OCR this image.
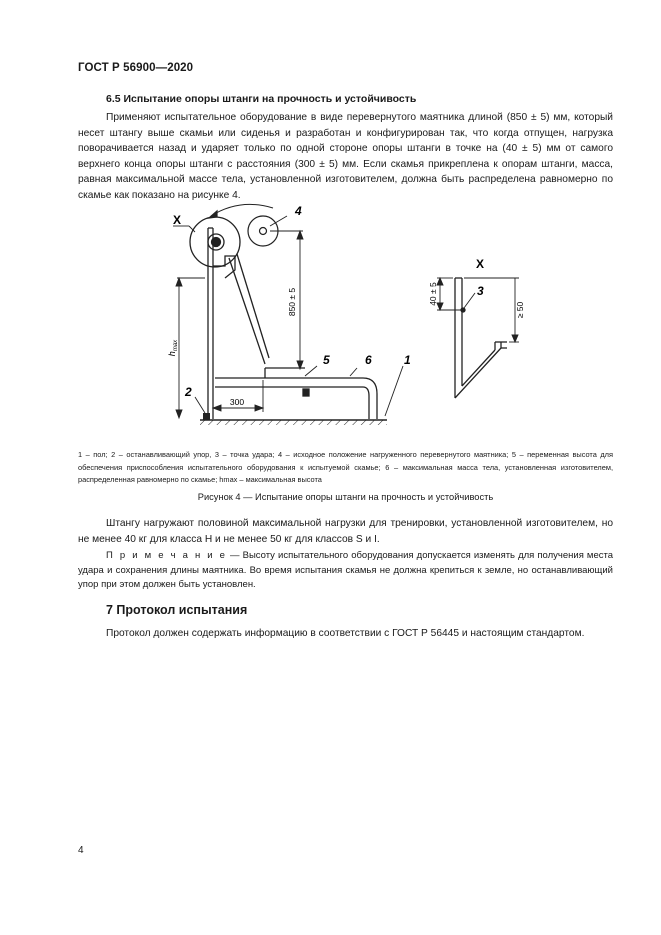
ГОСТ Р 56900—2020
6.5 Испытание опоры штанги на прочность и устойчивость
Применяют испытательное оборудование в виде перевернутого маятника длиной (850 ± 5) мм, который несет штангу выше скамьи или сиденья и разработан и конфигурирован так, что когда отпущен, нагрузка поворачивается назад и ударяет только по одной стороне опоры штанги в точке на (40 ± 5) мм от самого верхнего конца опоры штанги с расстояния (300 ± 5) мм. Если скамья прикреплена к опорам штанги, масса, равная максимальной массе тела, установленной изготовителем, должна быть распределена равномерно по скамье как показано на рисунке 4.
$h_{max}$
850 ± 5
300
X
4
5	6	1
2
X
3
40 ± 5
≥ 50
1 – пол; 2 – останавливающий упор, 3 – точка удара; 4 – исходное положение нагруженного перевернутого маятника; 5 – переменная высота для обеспечения приспособления испытательного оборудования к испытуемой скамье; 6 – максимальная масса тела, установленная изготовителем, распределенная равномерно по скамье; hmax – максимальная высота
Рисунок 4 — Испытание опоры штанги на прочность и устойчивость
Штангу нагружают половиной максимальной нагрузки для тренировки, установленной изготовителем, но не менее 40 кг для класса Н и не менее 50 кг для классов S и I.
П р и м е ч а н и е — Высоту испытательного оборудования допускается изменять для получения места удара и сохранения длины маятника. Во время испытания скамья не должна крепиться к земле, но останавливающий упор при этом должен быть установлен.
7 Протокол испытания
Протокол должен содержать информацию в соответствии с ГОСТ Р 56445 и настоящим стандартом.
4
